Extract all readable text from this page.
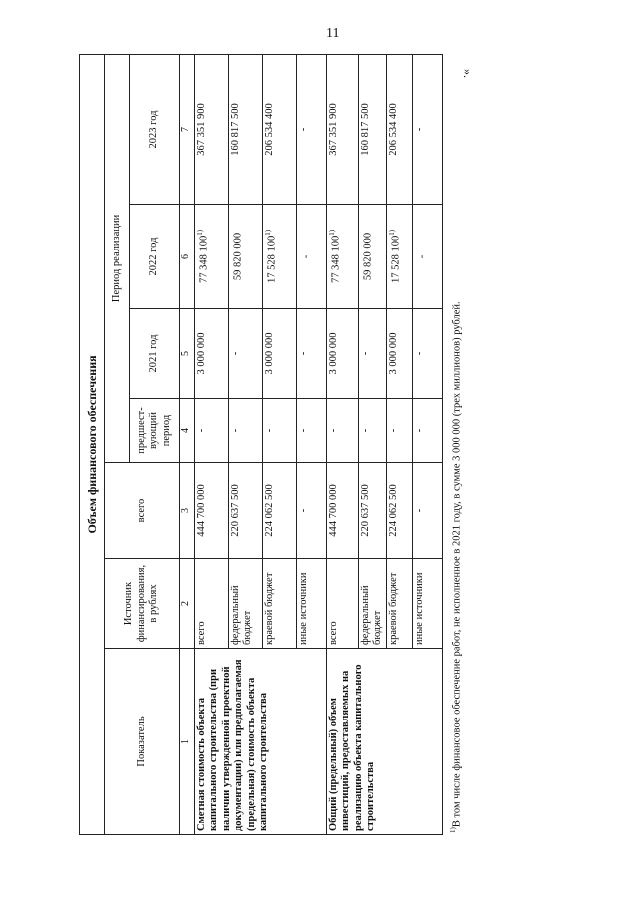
11
».
Объем финансового обеспечения						
Показатель	Источник финансирования, в рублях	всего	Период реализации			
			предшест-вующий период	2021 год	2022 год	2023 год
1	2	3	4	5	6	7
Сметная стоимость объекта капитального строительства (при наличии утвержденной проектной документации) или предполагаемая (предельная) стоимость объекта капитального строительства	всего	444 700 000	-	3 000 000	77 348 100$^{1)}$	367 351 900
	федеральный бюджет	220 637 500	-	-	59 820 000	160 817 500
	краевой бюджет	224 062 500	-	3 000 000	17 528 100$^{1)}$	206 534 400
	иные источники	-	-	-	-	-
Общий (предельный) объем инвестиций, предоставляемых на реализацию объекта капитального строительства	всего	444 700 000	-	3 000 000	77 348 100$^{1)}$	367 351 900
	федеральный бюджет	220 637 500	-	-	59 820 000	160 817 500
	краевой бюджет	224 062 500	-	3 000 000	17 528 100$^{1)}$	206 534 400
	иные источники	-	-	-	-	-
$^{1)}$В том числе финансовое обеспечение работ, не исполненное в 2021 году, в сумме 3 000 000 (трех миллионов) рублей.
